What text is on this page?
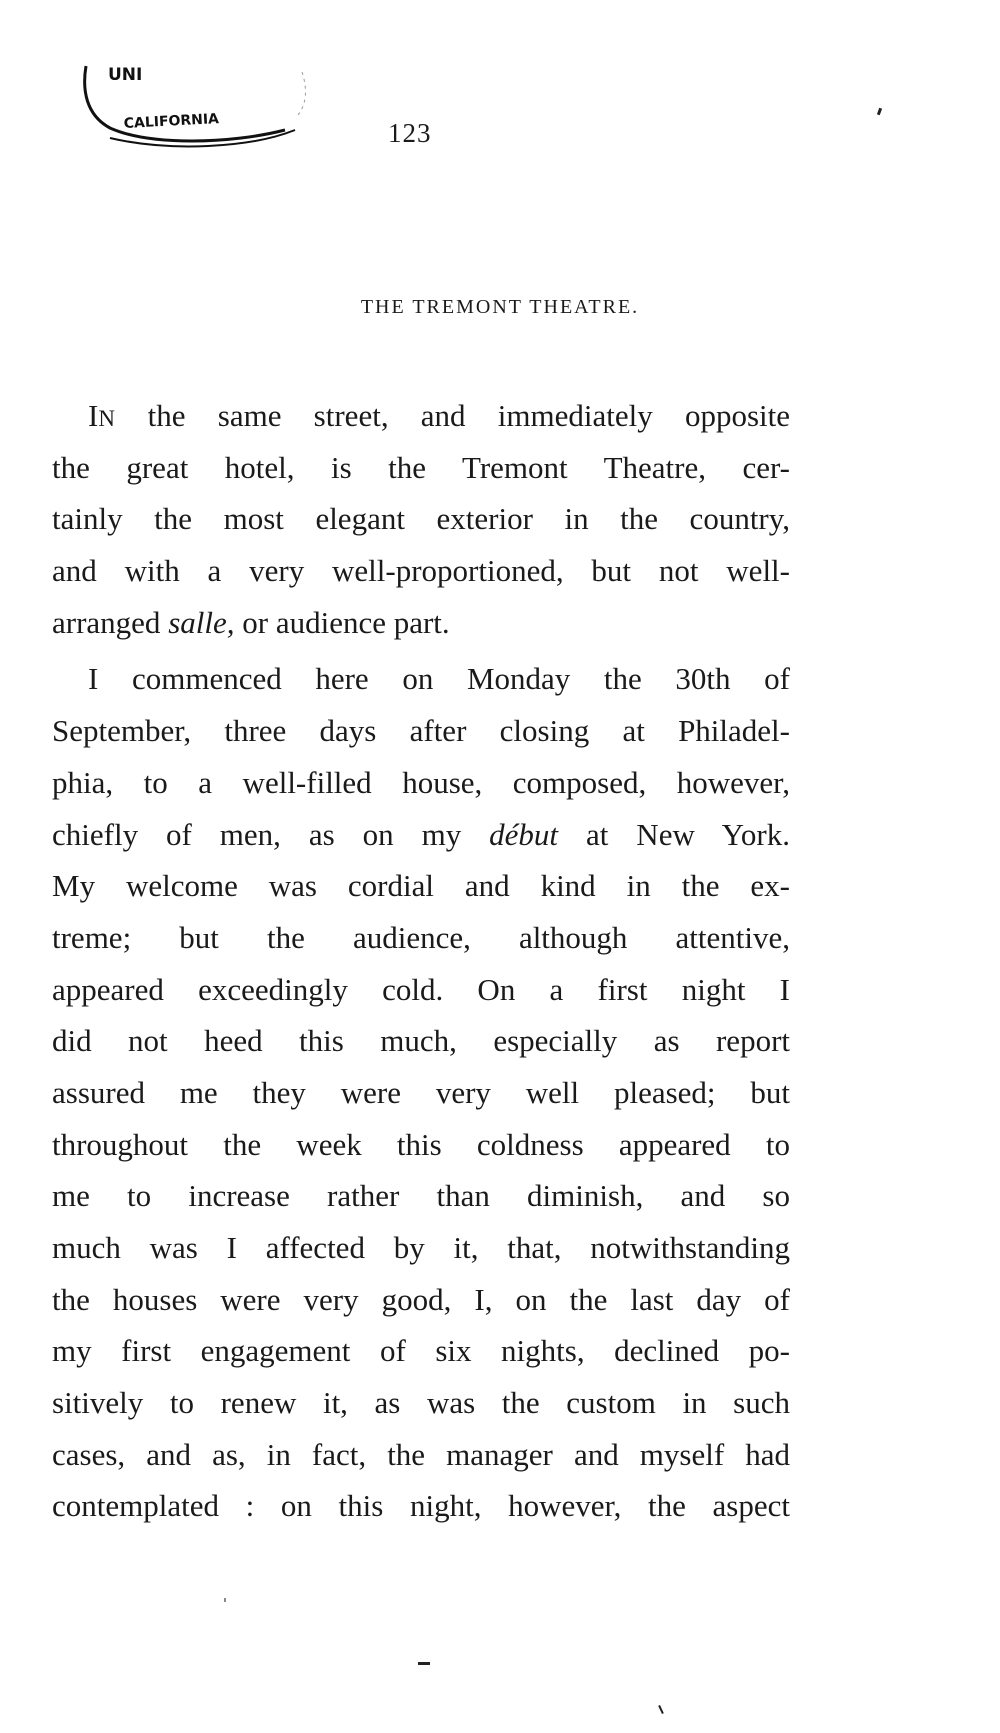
UNI
CALIFORNIA	123
THE TREMONT THEATRE.
IN the same street, and immediately opposite
the great hotel, is the Tremont Theatre, cer-
tainly the most elegant exterior in the country,
and with a very well-proportioned, but not well-
arranged salle, or audience part.
I commenced here on Monday the 30th of
September, three days after closing at Philadel-
phia, to a well-filled house, composed, however,
chiefly of men, as on my début at New York.
My welcome was cordial and kind in the ex-
treme; but the audience, although attentive,
appeared exceedingly cold. On a first night I
did not heed this much, especially as report
assured me they were very well pleased; but
throughout the week this coldness appeared to
me to increase rather than diminish, and so
much was I affected by it, that, notwithstanding
the houses were very good, I, on the last day of
my first engagement of six nights, declined po-
sitively to renew it, as was the custom in such
cases, and as, in fact, the manager and myself had
contemplated : on this night, however, the aspect
